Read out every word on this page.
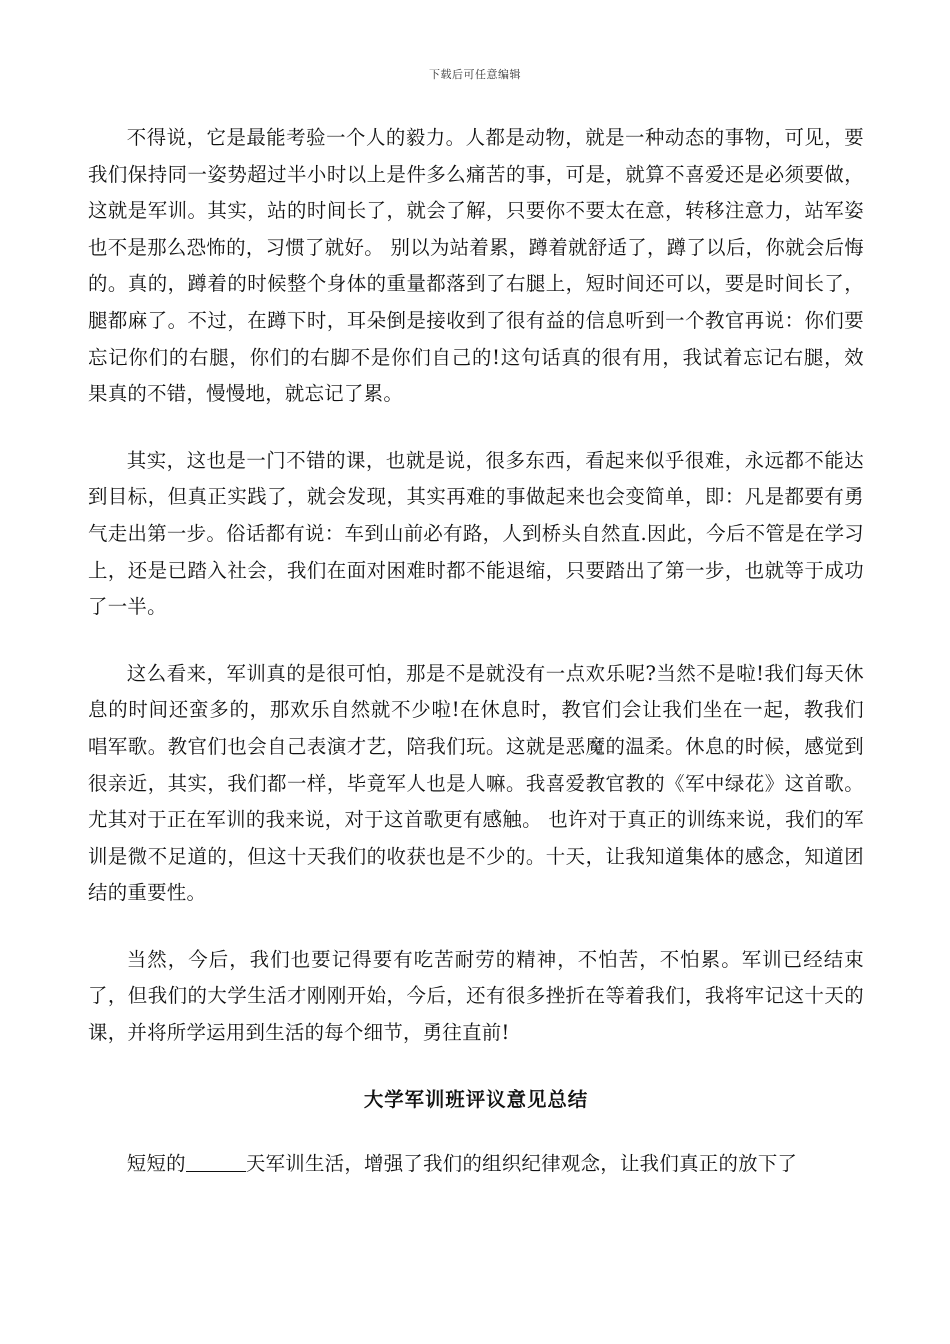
下载后可任意编辑

不得说，它是最能考验一个人的毅力。人都是动物，就是一种动态的事物，可见，要我们保持同一姿势超过半小时以上是件多么痛苦的事，可是，就算不喜爱还是必须要做，这就是军训。其实，站的时间长了，就会了解，只要你不要太在意，转移注意力，站军姿也不是那么恐怖的，习惯了就好。 别以为站着累，蹲着就舒适了，蹲了以后，你就会后悔的。真的，蹲着的时候整个身体的重量都落到了右腿上，短时间还可以，要是时间长了，腿都麻了。不过，在蹲下时，耳朵倒是接收到了很有益的信息听到一个教官再说：你们要忘记你们的右腿，你们的右脚不是你们自己的!这句话真的很有用，我试着忘记右腿，效果真的不错，慢慢地，就忘记了累。

其实，这也是一门不错的课，也就是说，很多东西，看起来似乎很难，永远都不能达到目标，但真正实践了，就会发现，其实再难的事做起来也会变简单，即：凡是都要有勇气走出第一步。俗话都有说：车到山前必有路，人到桥头自然直.因此，今后不管是在学习上，还是已踏入社会，我们在面对困难时都不能退缩，只要踏出了第一步，也就等于成功了一半。

这么看来，军训真的是很可怕，那是不是就没有一点欢乐呢?当然不是啦!我们每天休息的时间还蛮多的，那欢乐自然就不少啦!在休息时，教官们会让我们坐在一起，教我们唱军歌。教官们也会自己表演才艺，陪我们玩。这就是恶魔的温柔。休息的时候，感觉到很亲近，其实，我们都一样，毕竟军人也是人嘛。我喜爱教官教的《军中绿花》这首歌。尤其对于正在军训的我来说，对于这首歌更有感触。 也许对于真正的训练来说，我们的军训是微不足道的，但这十天我们的收获也是不少的。十天，让我知道集体的感念，知道团结的重要性。

当然，今后，我们也要记得要有吃苦耐劳的精神，不怕苦，不怕累。军训已经结束了，但我们的大学生活才刚刚开始，今后，还有很多挫折在等着我们，我将牢记这十天的课，并将所学运用到生活的每个细节，勇往直前!

大学军训班评议意见总结

短短的	天军训生活，增强了我们的组织纪律观念，让我们真正的放下了
